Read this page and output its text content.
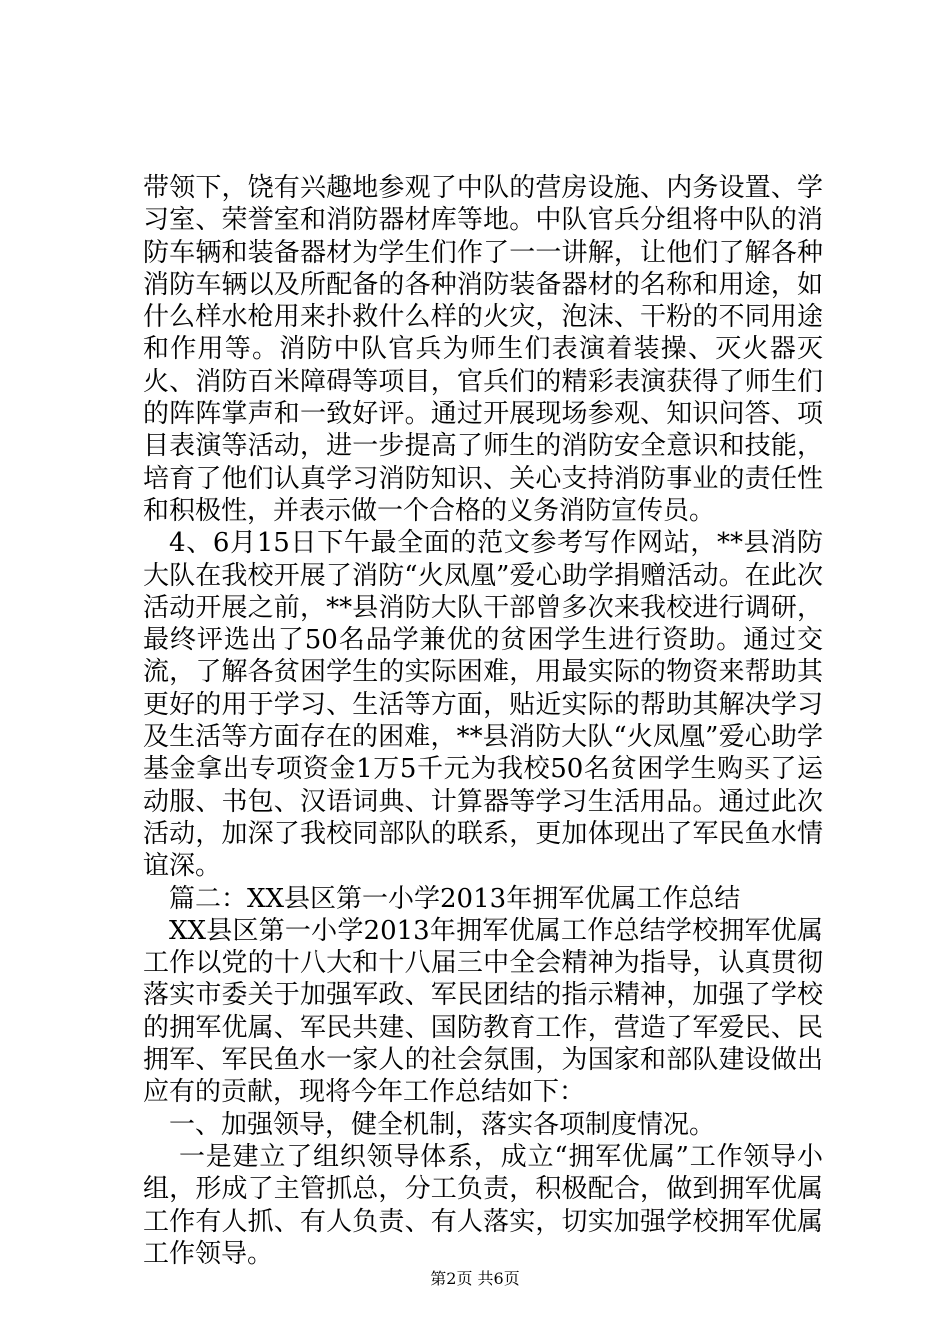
带领下，饶有兴趣地参观了中队的营房设施、内务设置、学习室、荣誉室和消防器材库等地。中队官兵分组将中队的消防车辆和装备器材为学生们作了一一讲解，让他们了解各种消防车辆以及所配备的各种消防装备器材的名称和用途，如什么样水枪用来扑救什么样的火灾，泡沫、干粉的不同用途和作用等。消防中队官兵为师生们表演着装操、灭火器灭火、消防百米障碍等项目，官兵们的精彩表演获得了师生们的阵阵掌声和一致好评。通过开展现场参观、知识问答、项目表演等活动，进一步提高了师生的消防安全意识和技能，培育了他们认真学习消防知识、关心支持消防事业的责任性和积极性，并表示做一个合格的义务消防宣传员。

4、6月15日下午最全面的范文参考写作网站，**县消防大队在我校开展了消防“火凤凰”爱心助学捐赠活动。在此次活动开展之前，**县消防大队干部曾多次来我校进行调研，最终评选出了50名品学兼优的贫困学生进行资助。通过交流，了解各贫困学生的实际困难，用最实际的物资来帮助其更好的用于学习、生活等方面，贴近实际的帮助其解决学习及生活等方面存在的困难，**县消防大队“火凤凰”爱心助学基金拿出专项资金1万5千元为我校50名贫困学生购买了运动服、书包、汉语词典、计算器等学习生活用品。通过此次活动，加深了我校同部队的联系，更加体现出了军民鱼水情谊深。

篇二：XX县区第一小学2013年拥军优属工作总结

XX县区第一小学2013年拥军优属工作总结学校拥军优属工作以党的十八大和十八届三中全会精神为指导，认真贯彻落实市委关于加强军政、军民团结的指示精神，加强了学校的拥军优属、军民共建、国防教育工作，营造了军爱民、民拥军、军民鱼水一家人的社会氛围，为国家和部队建设做出应有的贡献，现将今年工作总结如下：

一、加强领导，健全机制，落实各项制度情况。

一是建立了组织领导体系，成立“拥军优属”工作领导小组，形成了主管抓总，分工负责，积极配合，做到拥军优属工作有人抓、有人负责、有人落实，切实加强学校拥军优属工作领导。

第2页 共6页
